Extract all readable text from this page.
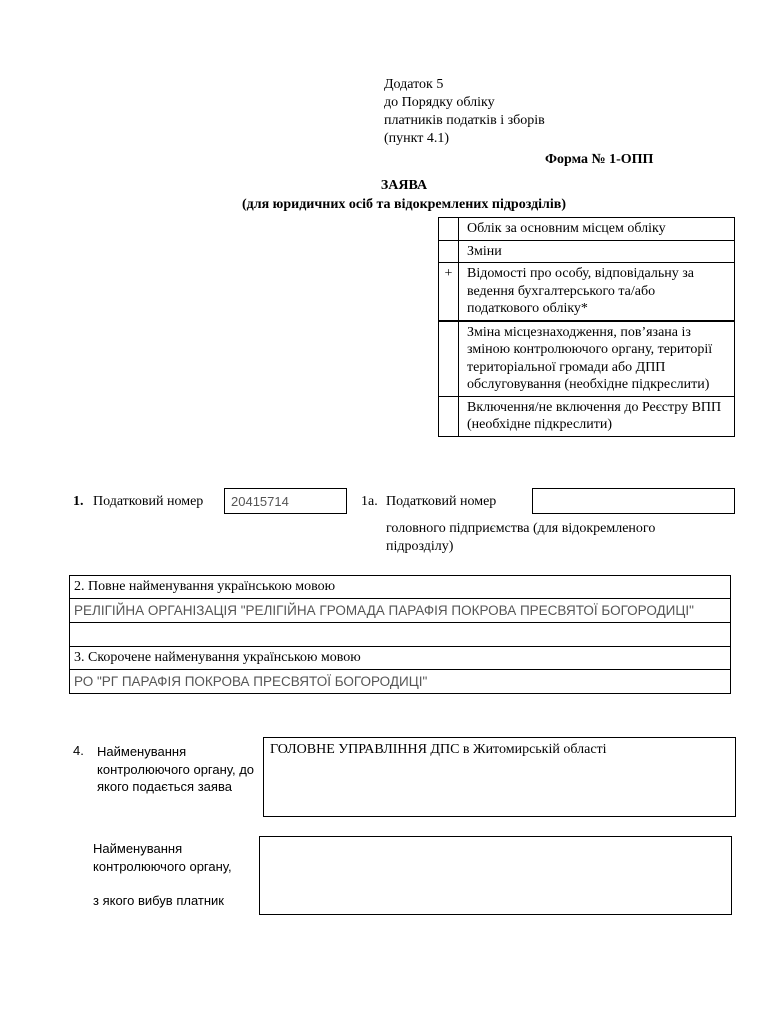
Додаток 5
до Порядку обліку
платників податків і зборів
(пункт 4.1)
Форма № 1-ОПП
ЗАЯВА
(для юридичних осіб та відокремлених підрозділів)
	Облік за основним місцем обліку
	Зміни
+	Відомості про особу, відповідальну за ведення бухгалтерського та/або податкового обліку*
	Зміна місцезнаходження, пов’язана із зміною контролюючого органу, території територіальної громади або ДПП обслуговування (необхідне підкреслити)
	Включення/не включення до Реєстру ВПП (необхідне підкреслити)
1. Податковий номер 20415714	1а. Податковий номер
головного підприємства (для відокремленого підрозділу)
2. Повне найменування українською мовою
РЕЛІГІЙНА ОРГАНІЗАЦІЯ "РЕЛІГІЙНА ГРОМАДА ПАРАФІЯ ПОКРОВА ПРЕСВЯТОЇ БОГОРОДИЦІ"

3. Скорочене найменування українською мовою
РО "РГ ПАРАФІЯ ПОКРОВА ПРЕСВЯТОЇ БОГОРОДИЦІ"
4. Найменування контролюючого органу, до якого подається заява
ГОЛОВНЕ УПРАВЛІННЯ ДПС в Житомирській області
Найменування контролюючого органу,
з якого вибув платник
